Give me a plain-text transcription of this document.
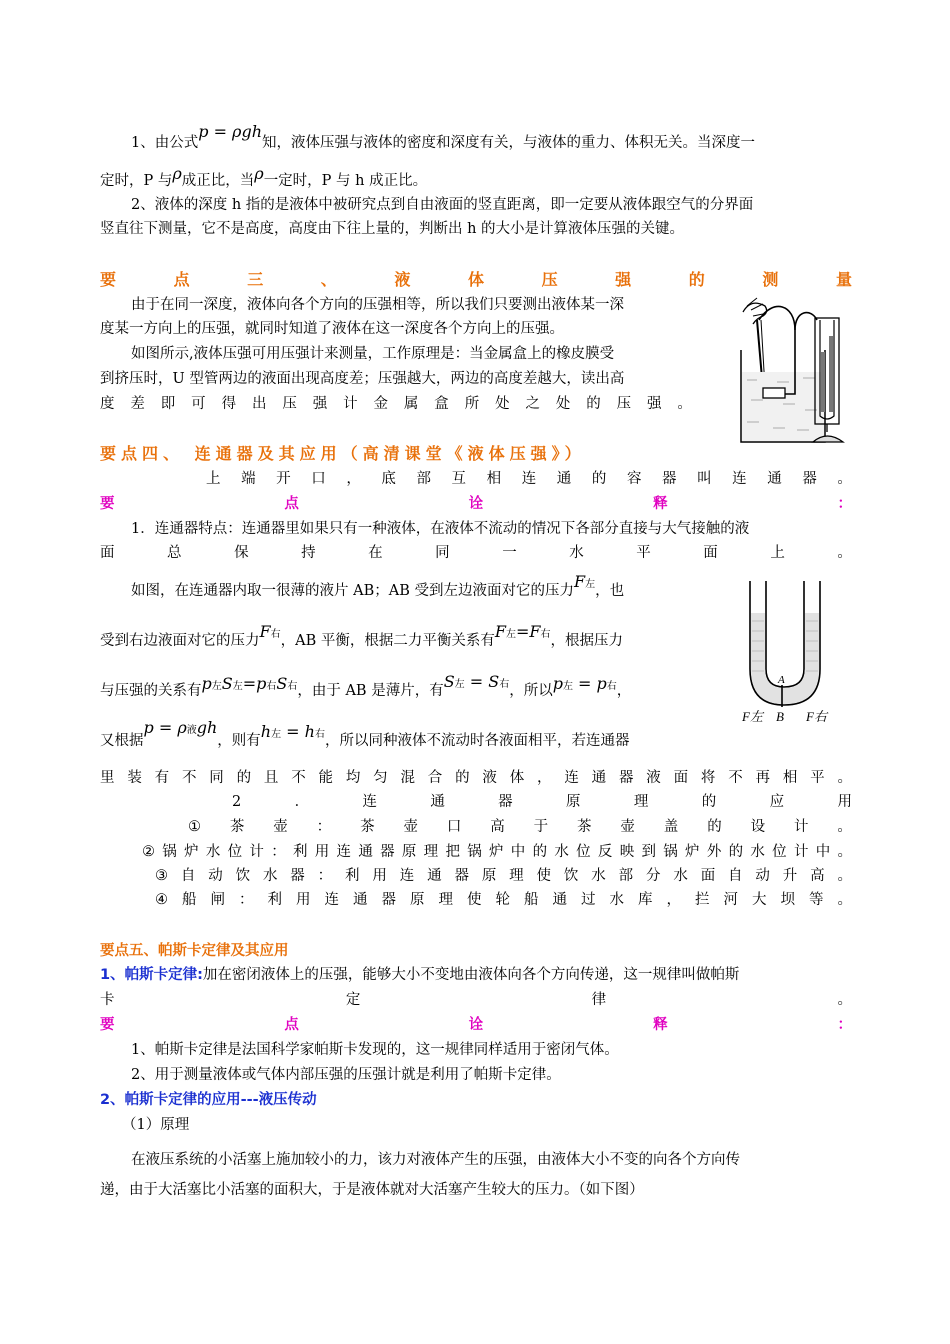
1、由公式p = ρgh知，液体压强与液体的密度和深度有关，与液体的重力、体积无关。当深度一
定时，P 与ρ成正比，当ρ一定时，P 与 h 成正比。
2、液体的深度 h 指的是液体中被研究点到自由液面的竖直距离，即一定要从液体跟空气的分界面
竖直往下测量，它不是高度，高度由下往上量的，判断出 h 的大小是计算液体压强的关键。
要	点	三	、	液	体	压	强	的	测	量
由于在同一深度，液体向各个方向的压强相等，所以我们只要测出液体某一深
度某一方向上的压强，就同时知道了液体在这一深度各个方向上的压强。
如图所示,液体压强可用压强计来测量，工作原理是：当金属盒上的橡皮膜受
到挤压时，U 型管两边的液面出现高度差；压强越大，两边的高度差越大，读出高
度 差 即 可 得 出 压 强 计 金 属 盒 所 处 之 处 的 压 强 。
要点四、 连通器及其应用（高清课堂《液体压强》）
上 端 开 口 ， 底 部 互 相 连 通 的 容 器 叫 连 通 器 。
要	点	诠	释	：
1．连通器特点：连通器里如果只有一种液体，在液体不流动的情况下各部分直接与大气接触的液
面	总	保	持	在	同	一	水	平	面	上	。
如图，在连通器内取一很薄的液片 AB；AB 受到左边液面对它的压力F左，也
受到右边液面对它的压力F右，AB 平衡，根据二力平衡关系有F左=F右，根据压力
与压强的关系有p左S左=p右S右，由于 AB 是薄片，有S左 = S右，所以p左 = p右，
又根据p = ρ液gh，则有h左 = h右，所以同种液体不流动时各液面相平，若连通器
里 装 有 不 同 的 且 不 能 均 匀 混 合 的 液 体 ， 连 通 器 液 面 将 不 再 相 平 。
A
B
F左	F右
2	．	连	通	器	原	理	的	应	用
① 茶 壶 ： 茶 壶 口 高 于 茶 壶 盖 的 设 计 。
② 锅 炉 水 位 计 ： 利 用 连 通 器 原 理 把 锅 炉 中 的 水 位 反 映 到 锅 炉 外 的 水 位 计 中 。
③ 自 动 饮 水 器 ： 利 用 连 通 器 原 理 使 饮 水 部 分 水 面 自 动 升 高 。
④ 船 闸 ： 利 用 连 通 器 原 理 使 轮 船 通 过 水 库 ， 拦 河 大 坝 等 。
要点五、帕斯卡定律及其应用
1、帕斯卡定律:加在密闭液体上的压强，能够大小不变地由液体向各个方向传递，这一规律叫做帕斯
卡	定	律	。
要	点	诠	释	：
1、帕斯卡定律是法国科学家帕斯卡发现的，这一规律同样适用于密闭气体。
2、用于测量液体或气体内部压强的压强计就是利用了帕斯卡定律。
2、帕斯卡定律的应用---液压传动
（1）原理
在液压系统的小活塞上施加较小的力，该力对液体产生的压强，由液体大小不变的向各个方向传
递，由于大活塞比小活塞的面积大，于是液体就对大活塞产生较大的压力。（如下图）
